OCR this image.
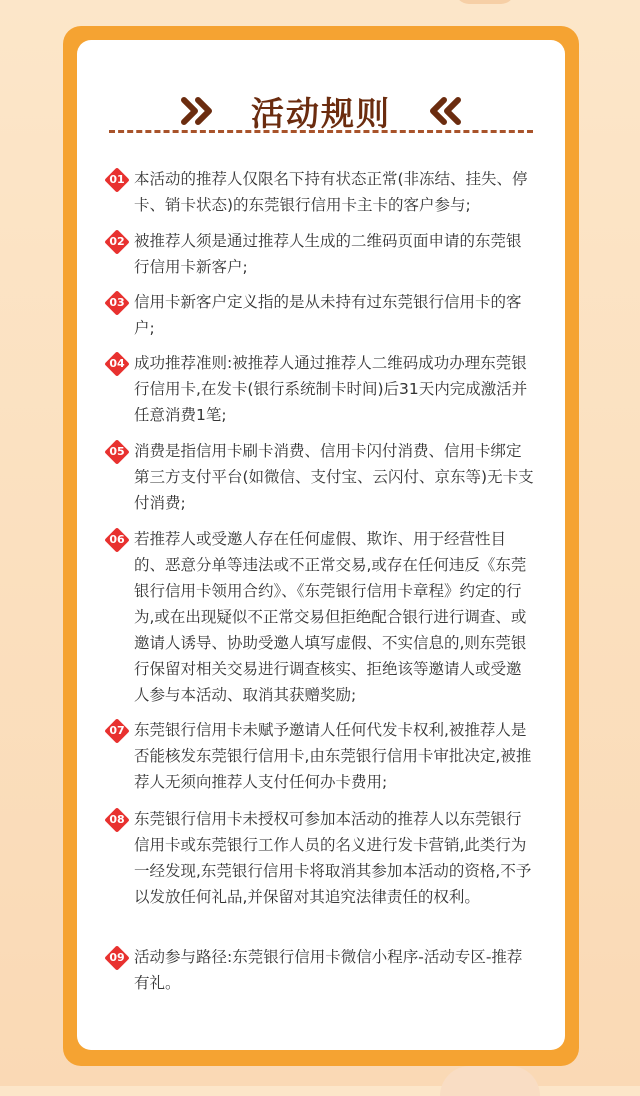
活动规则
01 本活动的推荐人仅限名下持有状态正常(非冻结、挂失、停卡、销卡状态)的东莞银行信用卡主卡的客户参与;

02 被推荐人须是通过推荐人生成的二维码页面申请的东莞银行信用卡新客户;

03 信用卡新客户定义指的是从未持有过东莞银行信用卡的客户;

04 成功推荐准则:被推荐人通过推荐人二维码成功办理东莞银行信用卡,在发卡(银行系统制卡时间)后31天内完成激活并任意消费1笔;

05 消费是指信用卡刷卡消费、信用卡闪付消费、信用卡绑定第三方支付平台(如微信、支付宝、云闪付、京东等)无卡支付消费;

06 若推荐人或受邀人存在任何虚假、欺诈、用于经营性目的、恶意分单等违法或不正常交易,或存在任何违反《东莞银行信用卡领用合约》、《东莞银行信用卡章程》约定的行为,或在出现疑似不正常交易但拒绝配合银行进行调查、或邀请人诱导、协助受邀人填写虚假、不实信息的,则东莞银行保留对相关交易进行调查核实、拒绝该等邀请人或受邀人参与本活动、取消其获赠奖励;

07 东莞银行信用卡未赋予邀请人任何代发卡权利,被推荐人是否能核发东莞银行信用卡,由东莞银行信用卡审批决定,被推荐人无须向推荐人支付任何办卡费用;

08 东莞银行信用卡未授权可参加本活动的推荐人以东莞银行信用卡或东莞银行工作人员的名义进行发卡营销,此类行为一经发现,东莞银行信用卡将取消其参加本活动的资格,不予以发放任何礼品,并保留对其追究法律责任的权利。

09 活动参与路径:东莞银行信用卡微信小程序-活动专区-推荐有礼。
